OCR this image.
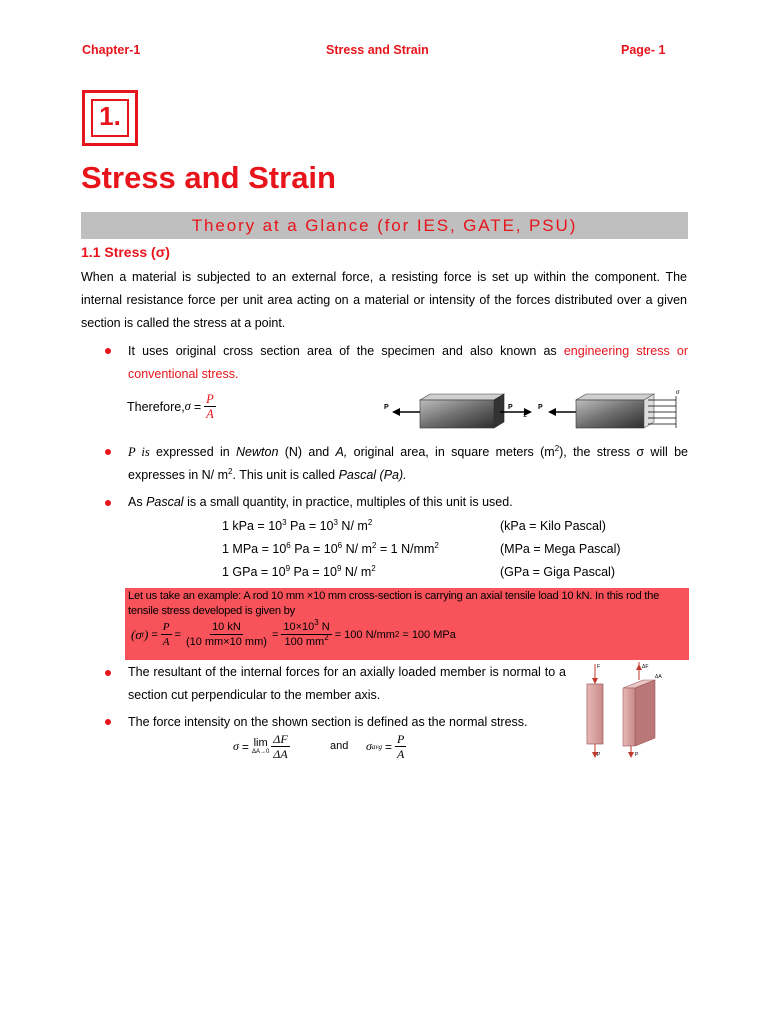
Chapter-1	Stress and Strain	Page- 1
1.
Stress and Strain
Theory at a Glance (for IES, GATE, PSU)
1.1 Stress (σ)
When a material is subjected to an external force, a resisting force is set up within the component. The internal resistance force per unit area acting on a material or intensity of the forces distributed over a given section is called the stress at a point.
It uses original cross section area of the specimen and also known as engineering stress or conventional stress.
Therefore, $\sigma = \frac{P}{A}$	P	P
=
P
σ
P is expressed in Newton (N) and A, original area, in square meters $(m^2)$, the stress σ will be expresses in N/ $m^2$. This unit is called Pascal (Pa).
As Pascal is a small quantity, in practice, multiples of this unit is used.
1 kPa = $10^3$ $Pa = 10^3$ N/ $m^2$	(kPa = Kilo Pascal)
1 MPa = $10^6$ $Pa = 10^6$ N/ $m^2 = 1$ $N/mm^2$	(MPa = Mega Pascal)
1 GPa = $10^9$ $Pa = 10^9$ N/ $m^2$	(GPa = Giga Pascal)
Let us take an example: A rod 10 mm ×10 mm cross-section is carrying an axial tensile load 10 kN. In this rod the tensile stress developed is given by
(σ t ) = $\frac{P}{A} = \frac{10 kN}{(10 mm\times 10 mm)} = \frac{10\times 10^3 N}{100 mm^2} = 100$ N/mm 2 = 100 MPa
The resultant of the internal forces for an axially loaded member is normal to a section cut perpendicular to the member axis.
The force intensity on the shown section is defined as the normal stress.
σ = lim
$\Delta A\to 0 \frac{\Delta F}{\Delta A}$	and σ avg = $\frac{P}{A}$
F	ΔF
ΔA
P	P
